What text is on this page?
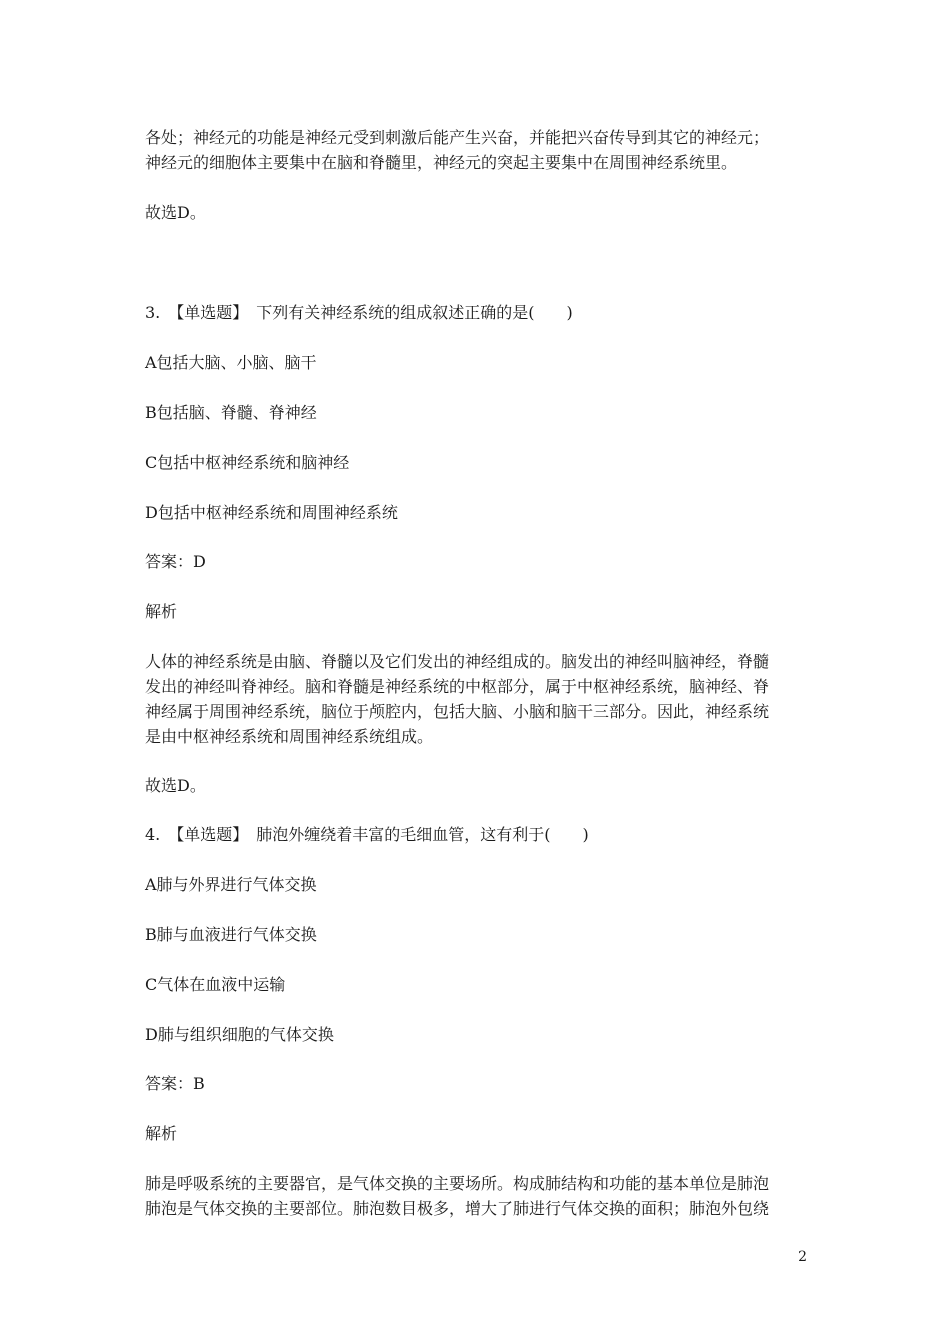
各处；神经元的功能是神经元受到刺激后能产生兴奋，并能把兴奋传导到其它的神经元；
神经元的细胞体主要集中在脑和脊髓里，神经元的突起主要集中在周围神经系统里。
故选D。
3.　【单选题】　下列有关神经系统的组成叙述正确的是(　　)
A包括大脑、小脑、脑干
B包括脑、脊髓、脊神经
C包括中枢神经系统和脑神经
D包括中枢神经系统和周围神经系统
答案：D
解析
人体的神经系统是由脑、脊髓以及它们发出的神经组成的。脑发出的神经叫脑神经，脊髓
发出的神经叫脊神经。脑和脊髓是神经系统的中枢部分，属于中枢神经系统，脑神经、脊
神经属于周围神经系统，脑位于颅腔内，包括大脑、小脑和脑干三部分。因此，神经系统
是由中枢神经系统和周围神经系统组成。
故选D。
4.　【单选题】　肺泡外缠绕着丰富的毛细血管，这有利于(　　)
A肺与外界进行气体交换
B肺与血液进行气体交换
C气体在血液中运输
D肺与组织细胞的气体交换
答案：B
解析
肺是呼吸系统的主要器官，是气体交换的主要场所。构成肺结构和功能的基本单位是肺泡
肺泡是气体交换的主要部位。肺泡数目极多，增大了肺进行气体交换的面积；肺泡外包绕
2
